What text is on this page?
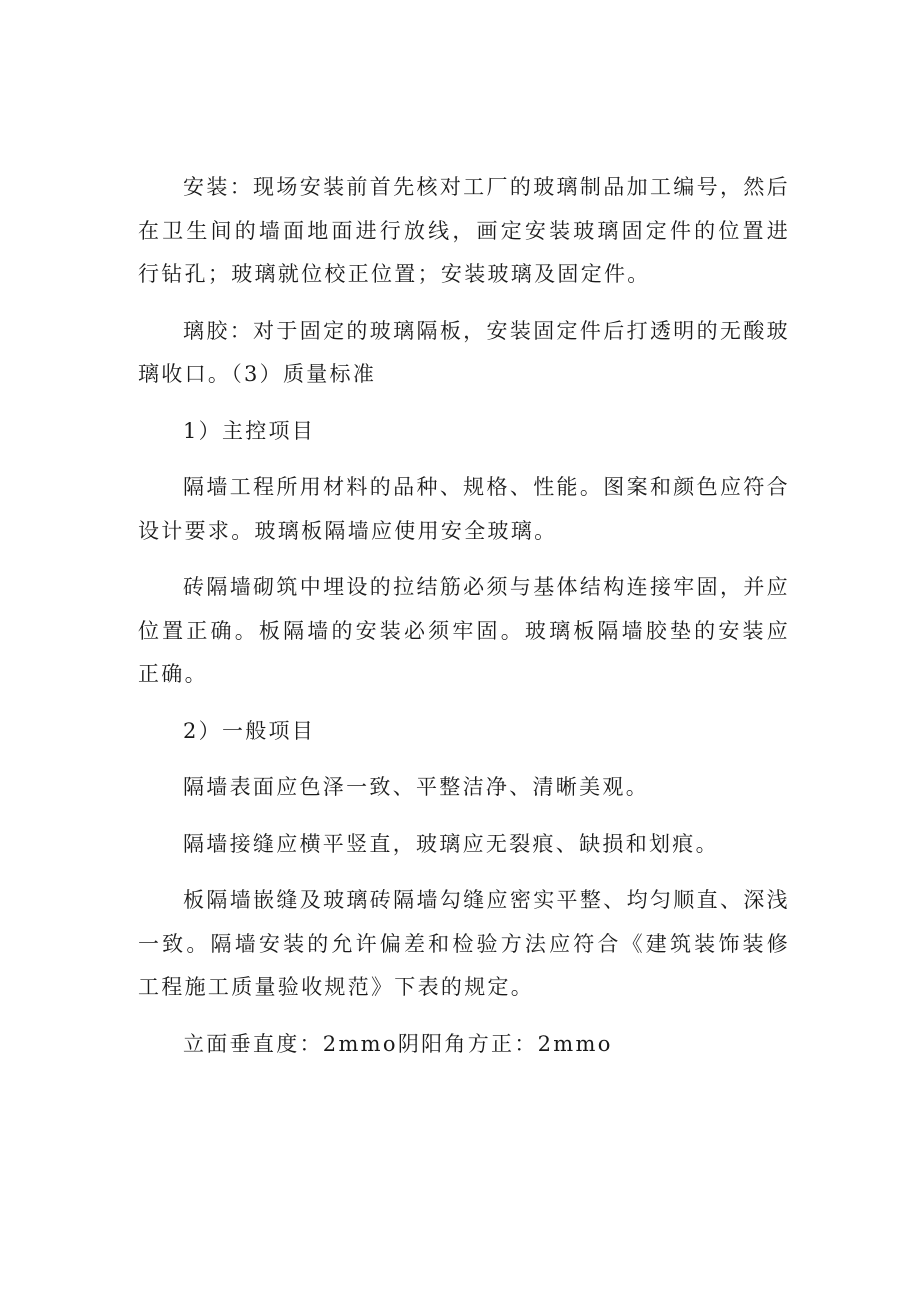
安装：现场安装前首先核对工厂的玻璃制品加工编号，然后在卫生间的墙面地面进行放线，画定安装玻璃固定件的位置进行钻孔；玻璃就位校正位置；安装玻璃及固定件。

璃胶：对于固定的玻璃隔板，安装固定件后打透明的无酸玻璃收口。（3）质量标准

1）主控项目

隔墙工程所用材料的品种、规格、性能。图案和颜色应符合设计要求。玻璃板隔墙应使用安全玻璃。

砖隔墙砌筑中埋设的拉结筋必须与基体结构连接牢固，并应位置正确。板隔墙的安装必须牢固。玻璃板隔墙胶垫的安装应正确。

2）一般项目

隔墙表面应色泽一致、平整洁净、清晰美观。

隔墙接缝应横平竖直，玻璃应无裂痕、缺损和划痕。

板隔墙嵌缝及玻璃砖隔墙勾缝应密实平整、均匀顺直、深浅一致。隔墙安装的允许偏差和检验方法应符合《建筑装饰装修工程施工质量验收规范》下表的规定。

立面垂直度：2mmo阴阳角方正：2mmo
